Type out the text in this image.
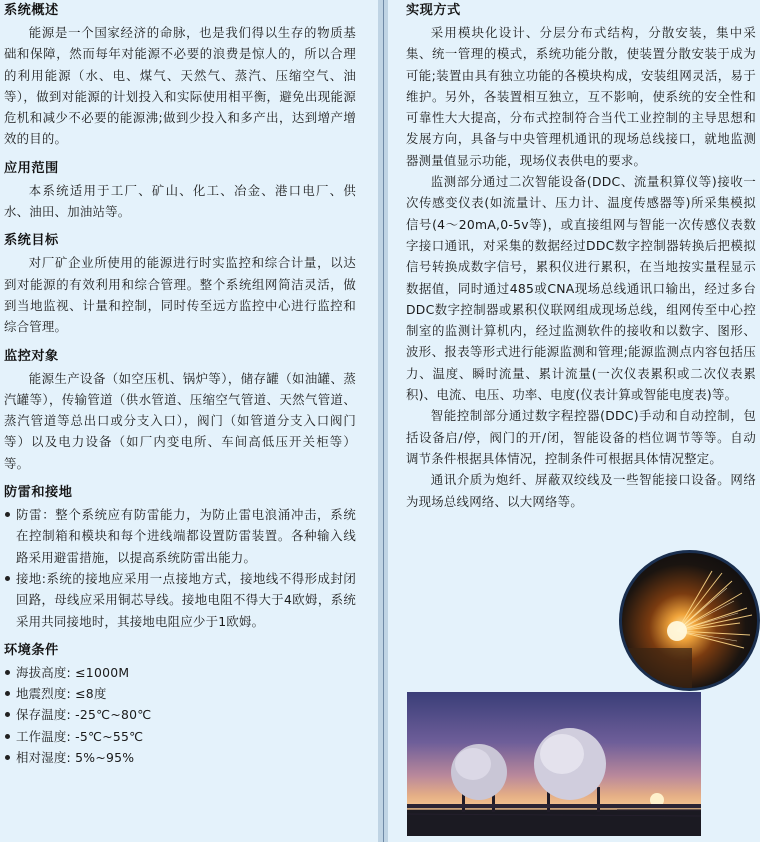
系统概述

能源是一个国家经济的命脉，也是我们得以生存的物质基础和保障，然而每年对能源不必要的浪费是惊人的，所以合理的利用能源（水、电、煤气、天然气、蒸汽、压缩空气、油等），做到对能源的计划投入和实际使用相平衡，避免出现能源危机和减少不必要的能源沸;做到少投入和多产出，达到增产增效的目的。

应用范围

本系统适用于工厂、矿山、化工、冶金、港口电厂、供水、油田、加油站等。

系统目标

对厂矿企业所使用的能源进行时实监控和综合计量，以达到对能源的有效利用和综合管理。整个系统组网简洁灵活，做到当地监视、计量和控制，同时传至远方监控中心进行监控和综合管理。

监控对象

能源生产设备（如空压机、锅炉等），储存罐（如油罐、蒸汽罐等），传输管道（供水管道、压缩空气管道、天然气管道、蒸汽管道等总出口或分支入口），阀门（如管道分支入口阀门等）以及电力设备（如厂内变电所、车间高低压开关柜等）等。

防雷和接地
防雷：整个系统应有防雷能力，为防止雷电浪涌冲击，系统在控制箱和模块和每个进线端都设置防雷装置。各种输入线路采用避雷措施，以提高系统防雷出能力。
接地:系统的接地应采用一点接地方式，接地线不得形成封闭回路，母线应采用铜芯导线。接地电阻不得大于4欧姆，系统采用共同接地时，其接地电阻应少于1欧姆。
环境条件
海拔高度: ≤1000M
地震烈度: ≤8度
保存温度: -25℃~80℃
工作温度: -5℃~55℃
相对湿度: 5%~95%
实现方式

采用模块化设计、分层分布式结构，分散安装，集中采集、统一管理的模式，系统功能分散，使装置分散安装于成为可能;装置由具有独立功能的各模块构成，安装组网灵活，易于维护。另外，各装置相互独立，互不影响，使系统的安全性和可靠性大大提高，分布式控制符合当代工业控制的主导思想和发展方向，具备与中央管理机通讯的现场总线接口，就地监测器测量值显示功能，现场仪表供电的要求。

监测部分通过二次智能设备(DDC、流量积算仪等)接收一次传感变仪表(如流量计、压力计、温度传感器等)所采集模拟信号(4～20mA,0-5v等)，或直接组网与智能一次传感仪表数字接口通讯，对采集的数据经过DDC数字控制器转换后把模拟信号转换成数字信号，累积仪进行累积，在当地按实量程显示数据值，同时通过485或CNA现场总线通讯口输出，经过多台DDC数字控制器或累积仪联网组成现场总线，组网传至中心控制室的监测计算机内，经过监测软件的接收和以数字、图形、波形、报表等形式进行能源监测和管理;能源监测点内容包括压力、温度、瞬时流量、累计流量(一次仪表累积或二次仪表累积)、电流、电压、功率、电度(仪表计算或智能电度表)等。

智能控制部分通过数字程控器(DDC)手动和自动控制，包括设备启/停，阀门的开/闭，智能设备的档位调节等等。自动调节条件根据具体情况，控制条件可根据具体情况整定。

通讯介质为炮纤、屏蔽双绞线及一些智能接口设备。网络为现场总线网络、以大网络等。
